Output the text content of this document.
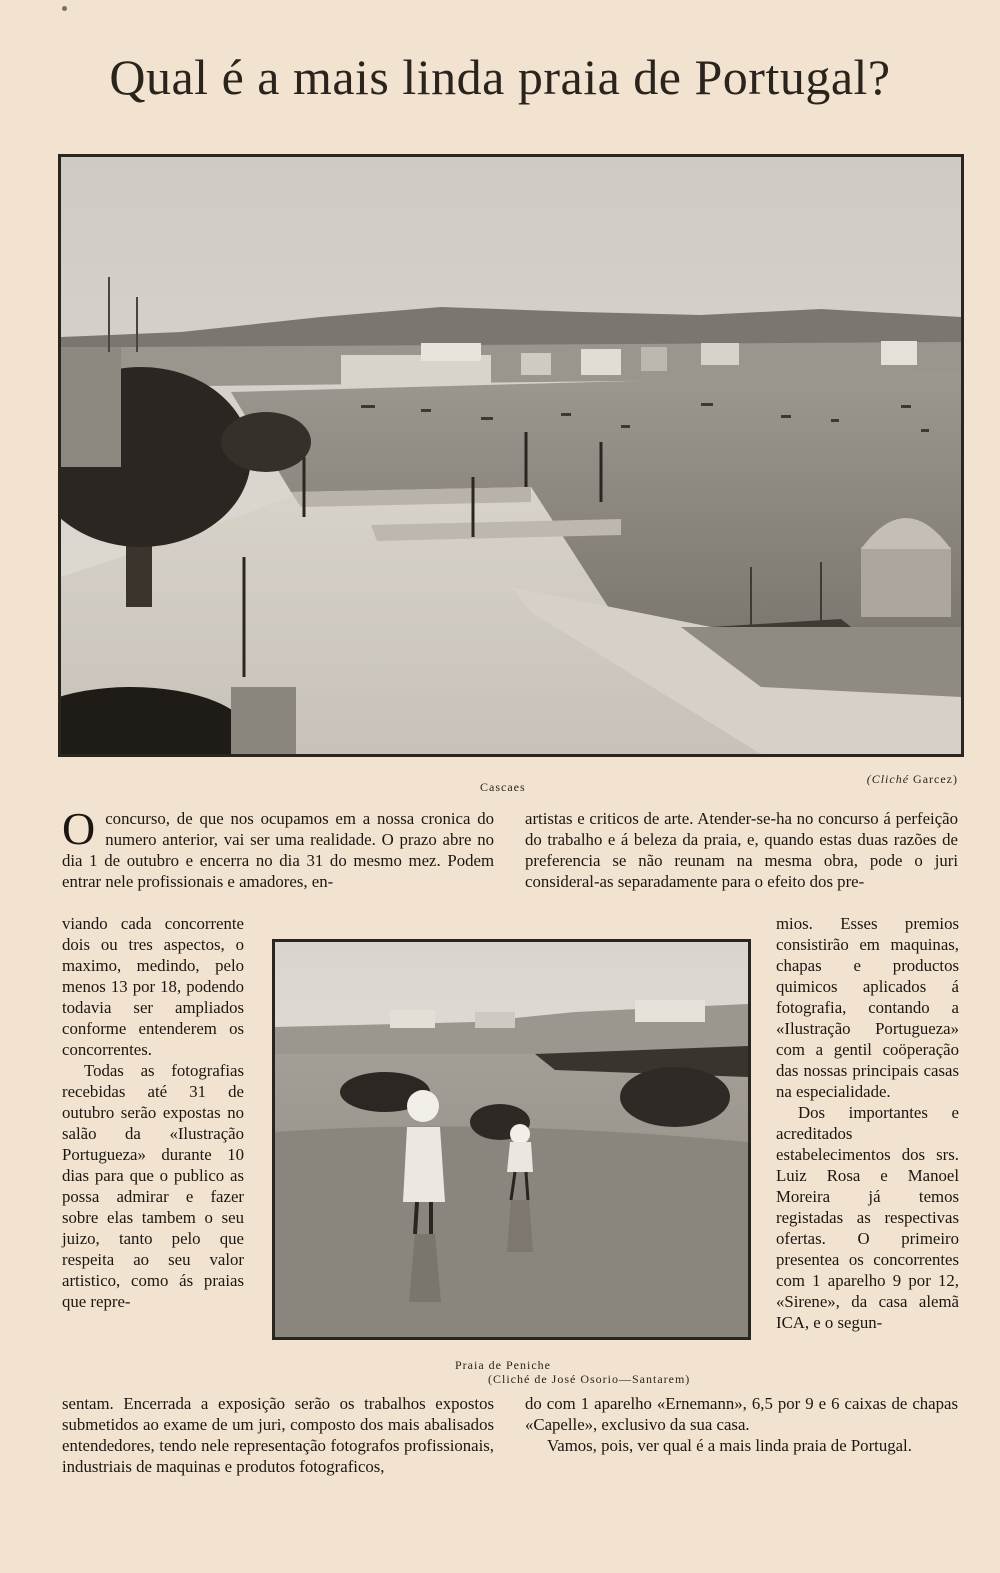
Qual é a mais linda praia de Portugal?
Cascaes
(Cliché Garcez)
O concurso, de que nos ocupamos em a nossa cronica do numero anterior, vai ser uma realidade. O prazo abre no dia 1 de outubro e encerra no dia 31 do mesmo mez. Podem entrar nele profissionais e amadores, en-

artistas e criticos de arte. Atender-se-ha no concurso á perfeição do trabalho e á beleza da praia, e, quando estas duas razões de preferencia se não reunam na mesma obra, pode o juri consideral-as separadamente para o efeito dos pre-

viando cada concorrente dois ou tres aspectos, o maximo, medindo, pelo menos 13 por 18, podendo todavia ser ampliados conforme entenderem os concorrentes.

Todas as fotografias recebidas até 31 de outubro serão expostas no salão da «Ilustração Portugueza» durante 10 dias para que o publico as possa admirar e fazer sobre elas tambem o seu juizo, tanto pelo que respeita ao seu valor artistico, como ás praias que repre-

mios. Esses premios consistirão em maquinas, chapas e productos quimicos aplicados á fotografia, contando a «Ilustração Portugueza» com a gentil coöperação das nossas principais casas na especialidade.

Dos importantes e acreditados estabelecimentos dos srs. Luiz Rosa e Manoel Moreira já temos registadas as respectivas ofertas. O primeiro presentea os concorrentes com 1 aparelho 9 por 12, «Sirene», da casa alemã ICA, e o segun-

Praia de Peniche
(Cliché de José Osorio—Santarem)

sentam. Encerrada a exposição serão os trabalhos expostos submetidos ao exame de um juri, composto dos mais abalisados entendedores, tendo nele representação fotografos profissionais, industriais de maquinas e produtos fotograficos,

do com 1 aparelho «Ernemann», 6,5 por 9 e 6 caixas de chapas «Capelle», exclusivo da sua casa.

Vamos, pois, ver qual é a mais linda praia de Portugal.
